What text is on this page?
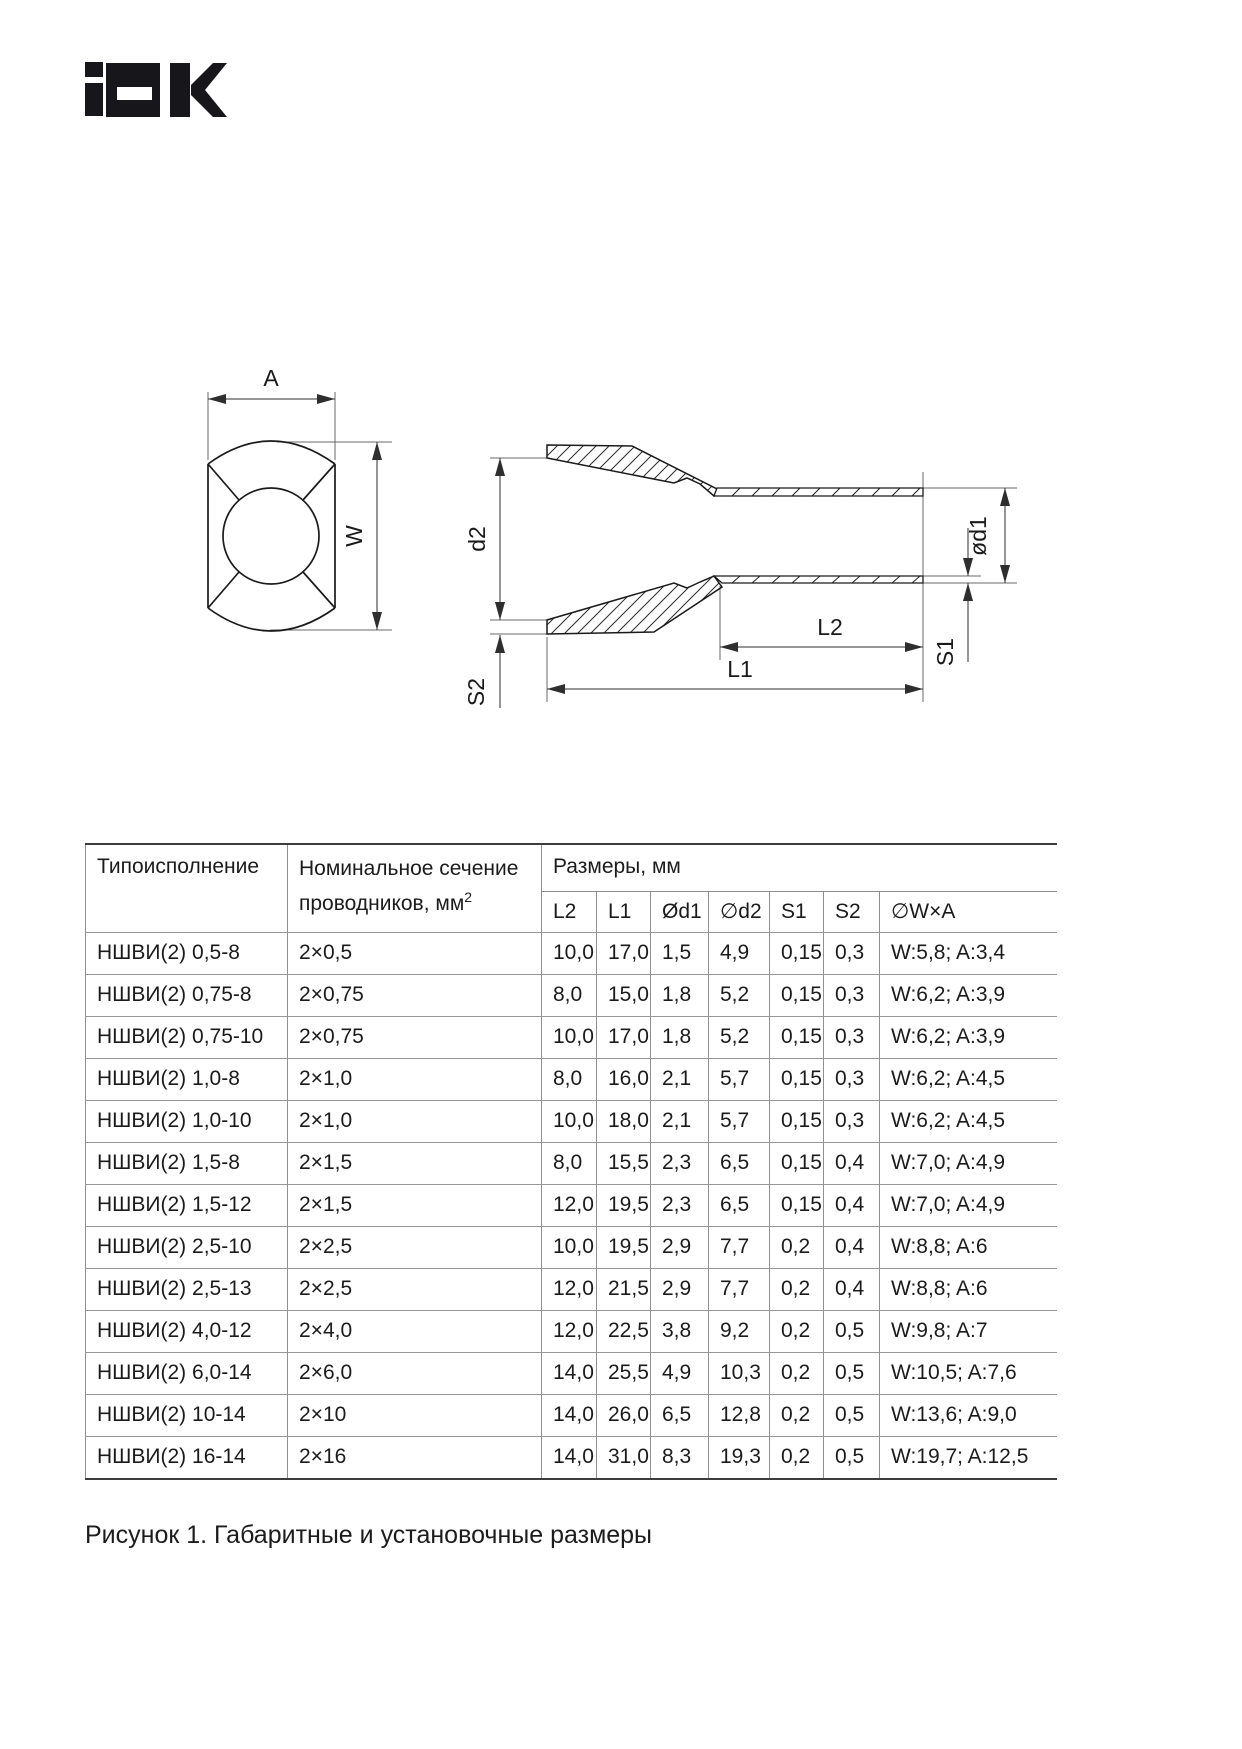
A
W	d2
S2
L2
L1
S1
ød1
Типоисполнение	Номинальное сечение проводников, $мм^2$	Размеры, мм						
		L2	L1	Ød1	∅d2	S1	S2	∅W×A
НШВИ(2) 0,5-8	2×0,5	10,0	17,0	1,5	4,9	0,15	0,3	W:5,8; A:3,4
НШВИ(2) 0,75-8	2×0,75	8,0	15,0	1,8	5,2	0,15	0,3	W:6,2; A:3,9
НШВИ(2) 0,75-10	2×0,75	10,0	17,0	1,8	5,2	0,15	0,3	W:6,2; A:3,9
НШВИ(2) 1,0-8	2×1,0	8,0	16,0	2,1	5,7	0,15	0,3	W:6,2; A:4,5
НШВИ(2) 1,0-10	2×1,0	10,0	18,0	2,1	5,7	0,15	0,3	W:6,2; A:4,5
НШВИ(2) 1,5-8	2×1,5	8,0	15,5	2,3	6,5	0,15	0,4	W:7,0; A:4,9
НШВИ(2) 1,5-12	2×1,5	12,0	19,5	2,3	6,5	0,15	0,4	W:7,0; A:4,9
НШВИ(2) 2,5-10	2×2,5	10,0	19,5	2,9	7,7	0,2	0,4	W:8,8; A:6
НШВИ(2) 2,5-13	2×2,5	12,0	21,5	2,9	7,7	0,2	0,4	W:8,8; A:6
НШВИ(2) 4,0-12	2×4,0	12,0	22,5	3,8	9,2	0,2	0,5	W:9,8; A:7
НШВИ(2) 6,0-14	2×6,0	14,0	25,5	4,9	10,3	0,2	0,5	W:10,5; A:7,6
НШВИ(2) 10-14	2×10	14,0	26,0	6,5	12,8	0,2	0,5	W:13,6; A:9,0
НШВИ(2) 16-14	2×16	14,0	31,0	8,3	19,3	0,2	0,5	W:19,7; A:12,5
Рисунок 1. Габаритные и установочные размеры
